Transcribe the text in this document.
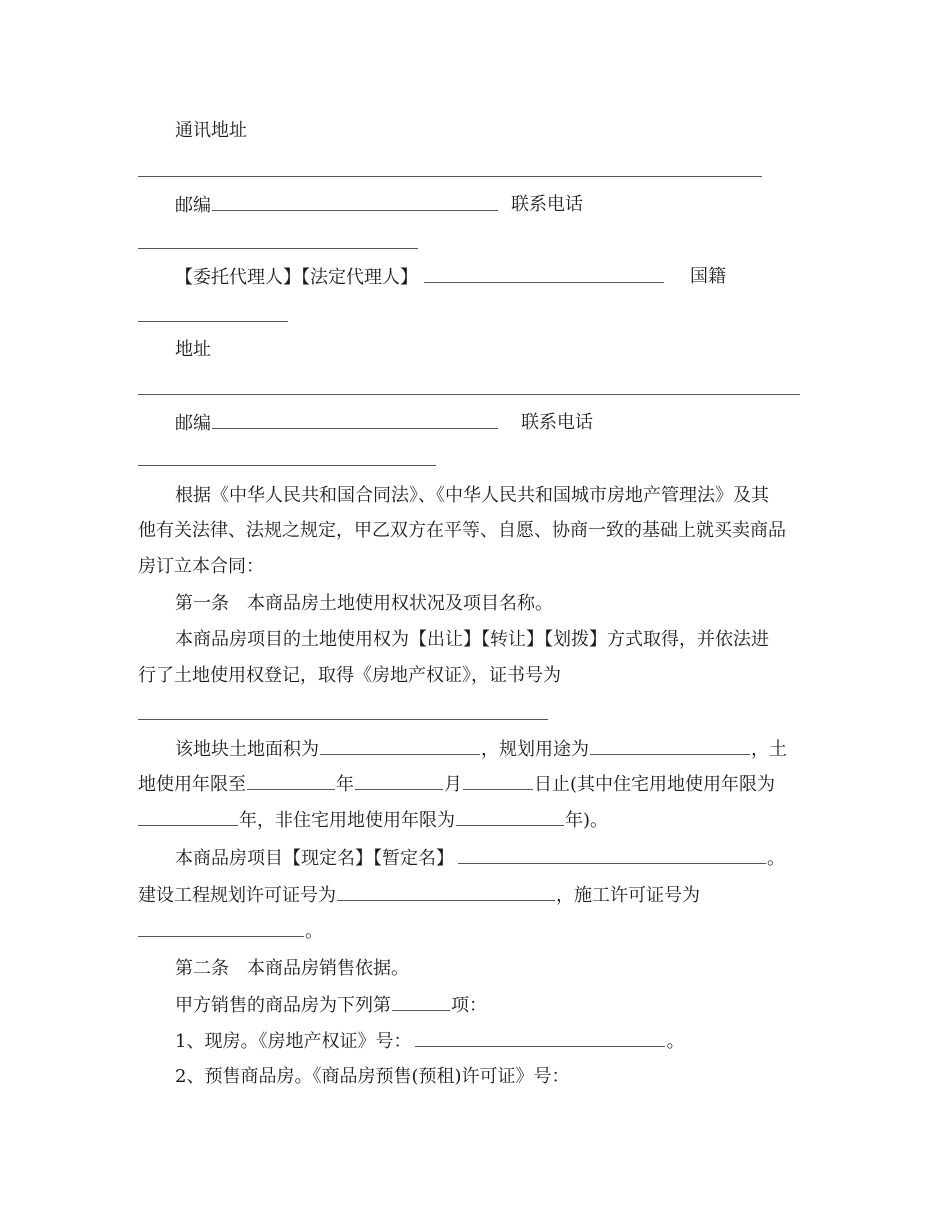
通讯地址
邮编	联系电话
【委托代理人】【法定代理人】	国籍
地址
邮编	联系电话
根据《中华人民共和国合同法》、《中华人民共和国城市房地产管理法》及其
他有关法律、法规之规定，甲乙双方在平等、自愿、协商一致的基础上就买卖商品
房订立本合同：
第一条　本商品房土地使用权状况及项目名称。
本商品房项目的土地使用权为【出让】【转让】【划拨】方式取得，并依法进
行了土地使用权登记，取得《房地产权证》，证书号为
该地块土地面积为	，规划用途为	，土
地使用年限至	年	月	日止(其中住宅用地使用年限为
年，非住宅用地使用年限为	年)。
本商品房项目【现定名】【暂定名】	。
建设工程规划许可证号为	，施工许可证号为
。
第二条　本商品房销售依据。
甲方销售的商品房为下列第	项：
1、现房。《房地产权证》号：	。
2、预售商品房。《商品房预售(预租)许可证》号：
